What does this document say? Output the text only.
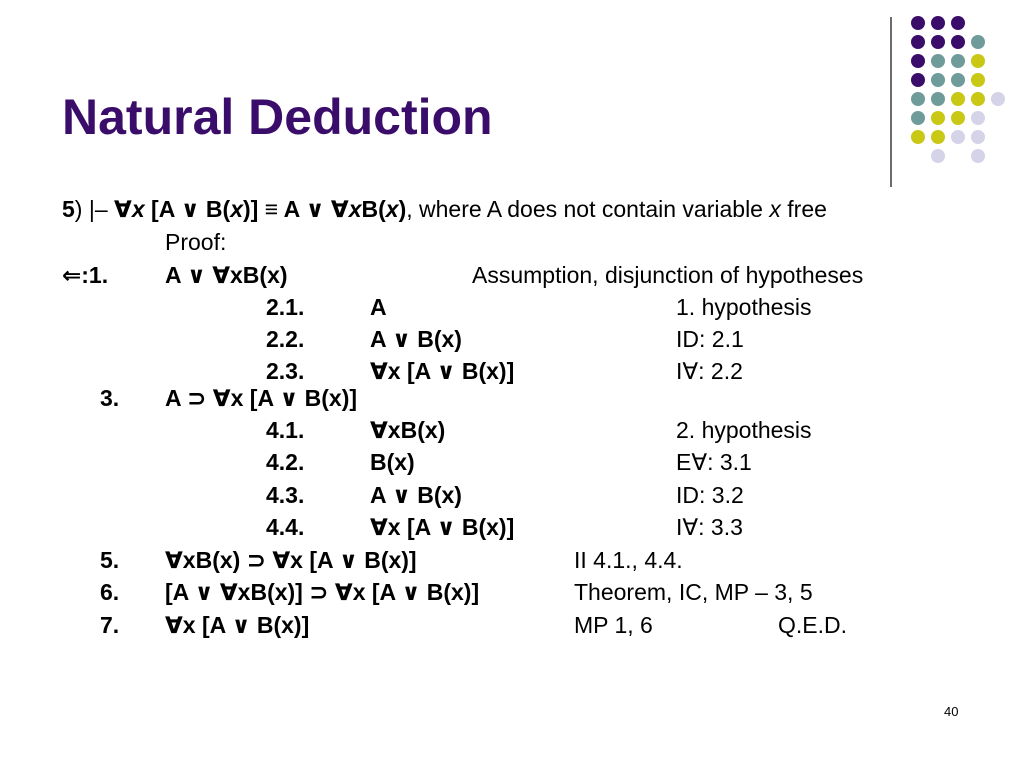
Natural Deduction
5) |– ∀x [A ∨ B(x)] ≡ A ∨ ∀xB(x), where A does not contain variable x free
Proof:
⇐:1. A ∨ ∀xB(x)	Assumption, disjunction of hypotheses
2.1.	A	1. hypothesis
2.2.	A ∨ B(x)	ID: 2.1
2.3.	∀x [A ∨ B(x)]	I∀: 2.2
3. A ⊃ ∀x [A ∨ B(x)]
4.1.	∀xB(x)	2. hypothesis
4.2.	B(x)	E∀: 3.1
4.3.	A ∨ B(x)	ID: 3.2
4.4.	∀x [A ∨ B(x)]	I∀: 3.3
5. ∀xB(x) ⊃ ∀x [A ∨ B(x)]	II 4.1., 4.4.
6. [A ∨ ∀xB(x)] ⊃ ∀x [A ∨ B(x)]	Theorem, IC, MP – 3, 5
7. ∀x [A ∨ B(x)]	MP 1, 6	Q.E.D.
40
